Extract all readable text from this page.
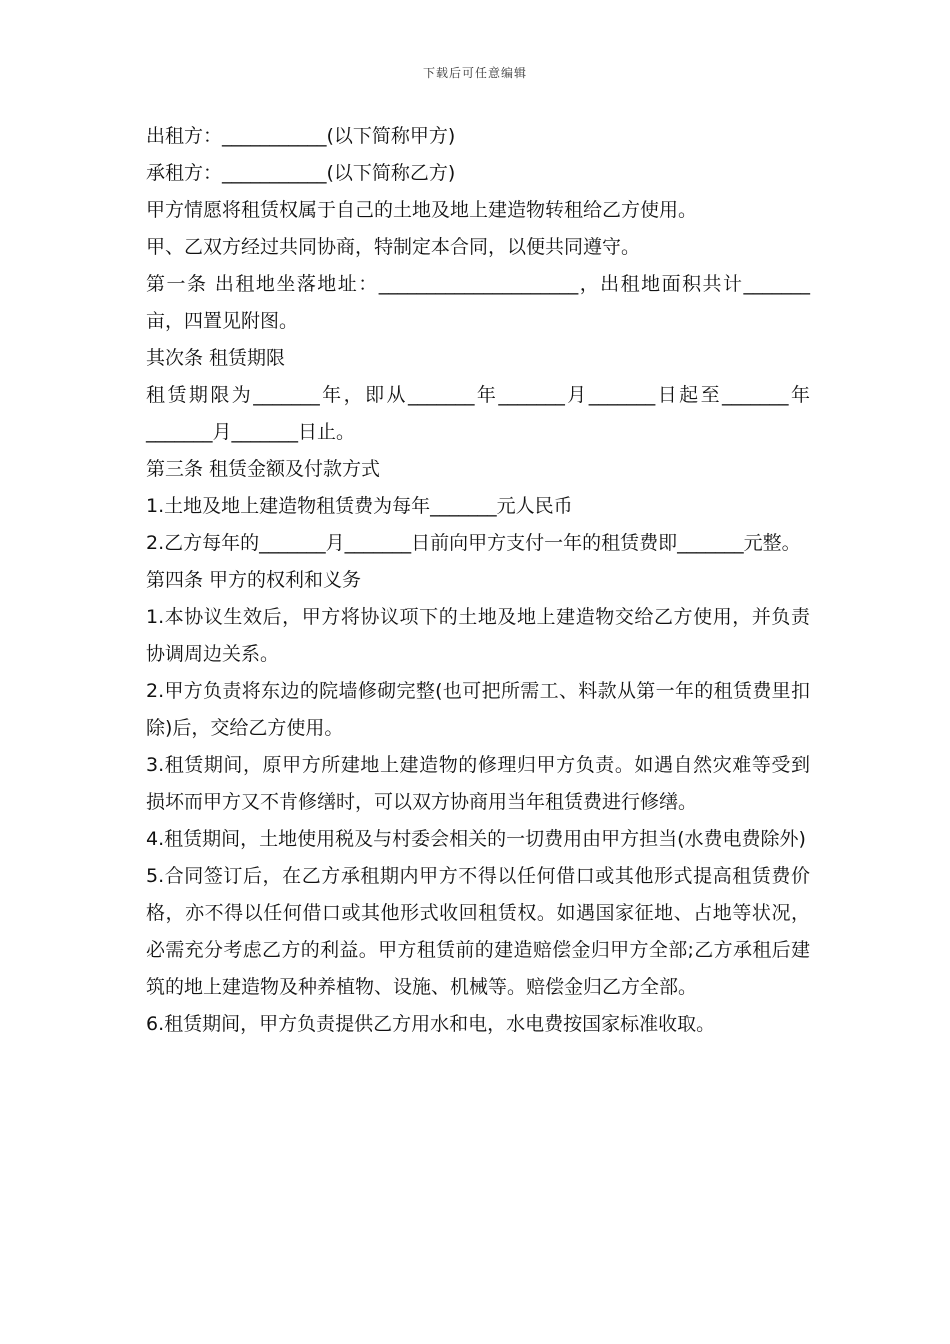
下载后可任意编辑

出租方：___________(以下简称甲方)

承租方：___________(以下简称乙方)

甲方情愿将租赁权属于自己的土地及地上建造物转租给乙方使用。

甲、乙双方经过共同协商，特制定本合同，以便共同遵守。

第一条 出租地坐落地址：_____________________，出租地面积共计_______亩，四置见附图。

其次条 租赁期限

租赁期限为_______年，即从_______年_______月_______日起至_______年_______月_______日止。

第三条 租赁金额及付款方式

1.土地及地上建造物租赁费为每年_______元人民币

2.乙方每年的_______月_______日前向甲方支付一年的租赁费即_______元整。

第四条 甲方的权利和义务

1.本协议生效后，甲方将协议项下的土地及地上建造物交给乙方使用，并负责协调周边关系。

2.甲方负责将东边的院墙修砌完整(也可把所需工、料款从第一年的租赁费里扣除)后，交给乙方使用。

3.租赁期间，原甲方所建地上建造物的修理归甲方负责。如遇自然灾难等受到损坏而甲方又不肯修缮时，可以双方协商用当年租赁费进行修缮。

4.租赁期间，土地使用税及与村委会相关的一切费用由甲方担当(水费电费除外)

5.合同签订后，在乙方承租期内甲方不得以任何借口或其他形式提高租赁费价格，亦不得以任何借口或其他形式收回租赁权。如遇国家征地、占地等状况，必需充分考虑乙方的利益。甲方租赁前的建造赔偿金归甲方全部;乙方承租后建筑的地上建造物及种养植物、设施、机械等。赔偿金归乙方全部。

6.租赁期间，甲方负责提供乙方用水和电，水电费按国家标准收取。
